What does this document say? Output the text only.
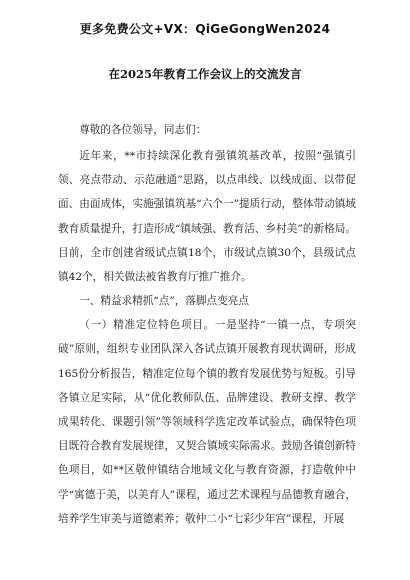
更多免费公文+VX：QiGeGongWen2024
在2025年教育工作会议上的交流发言

尊敬的各位领导，同志们：

近年来，**市持续深化教育强镇筑基改革，按照“强镇引领、亮点带动、示范融通”思路，以点串线、以线成面、以带促面、由面成体，实施强镇筑基“六个一”提质行动，整体带动镇域教育质量提升，打造形成“镇域强、教育活、乡村美”的新格局。目前，全市创建省级试点镇18个，市级试点镇30个，县级试点镇42个，相关做法被省教育厅推广推介。

一、精益求精抓“点”，落脚点变亮点

（一）精准定位特色项目。一是坚持“一镇一点，专项突破”原则，组织专业团队深入各试点镇开展教育现状调研，形成165份分析报告，精准定位每个镇的教育发展优势与短板。引导各镇立足实际，从“优化教师队伍、品牌建设、教研支撑、教学成果转化、课题引领”等领域科学选定改革试验点，确保特色项目既符合教育发展规律，又契合镇域实际需求。鼓励各镇创新特色项目，如**区敬仲镇结合地域文化与教育资源，打造敬仲中学“寓德于美，以美育人”课程，通过艺术课程与品德教育融合，培养学生审美与道德素养；敬仲二小“七彩少年宫”课程，开展
